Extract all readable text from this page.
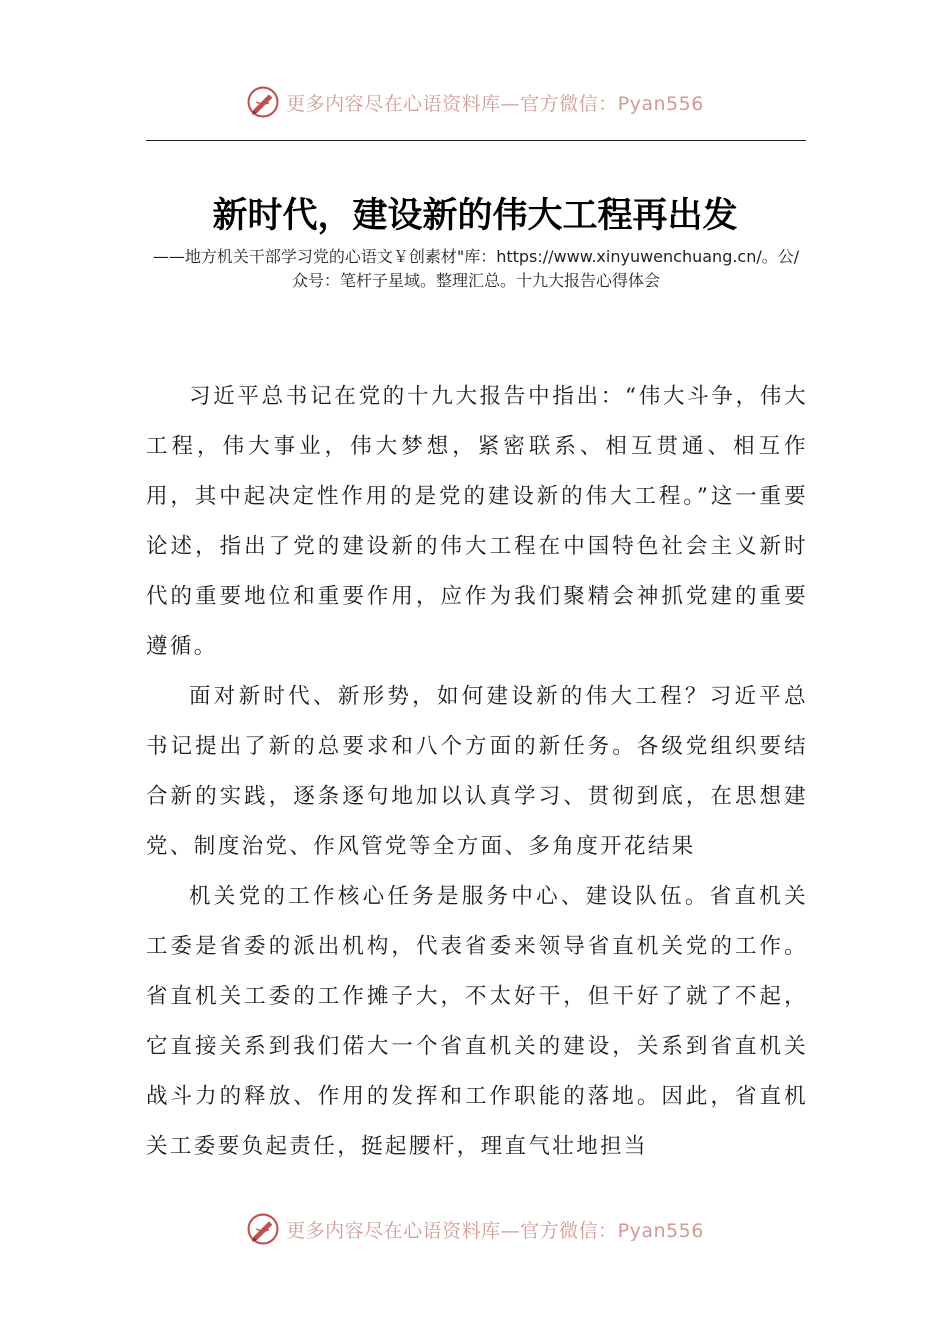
更多内容尽在心语资料库—官方微信：Pyan556
新时代，建设新的伟大工程再出发
——地方机关干部学习党的心语文￥创素材"库：https://www.xinyuwenchuang.cn/。公/众号：笔杆子星域。整理汇总。十九大报告心得体会

习近平总书记在党的十九大报告中指出：“伟大斗争，伟大工程，伟大事业，伟大梦想，紧密联系、相互贯通、相互作用，其中起决定性作用的是党的建设新的伟大工程。”这一重要论述，指出了党的建设新的伟大工程在中国特色社会主义新时代的重要地位和重要作用，应作为我们聚精会神抓党建的重要遵循。

面对新时代、新形势，如何建设新的伟大工程？习近平总书记提出了新的总要求和八个方面的新任务。各级党组织要结合新的实践，逐条逐句地加以认真学习、贯彻到底，在思想建党、制度治党、作风管党等全方面、多角度开花结果

机关党的工作核心任务是服务中心、建设队伍。省直机关工委是省委的派出机构，代表省委来领导省直机关党的工作。省直机关工委的工作摊子大，不太好干，但干好了就了不起，它直接关系到我们偌大一个省直机关的建设，关系到省直机关战斗力的释放、作用的发挥和工作职能的落地。因此，省直机关工委要负起责任，挺起腰杆，理直气壮地担当

更多内容尽在心语资料库—官方微信：Pyan556
